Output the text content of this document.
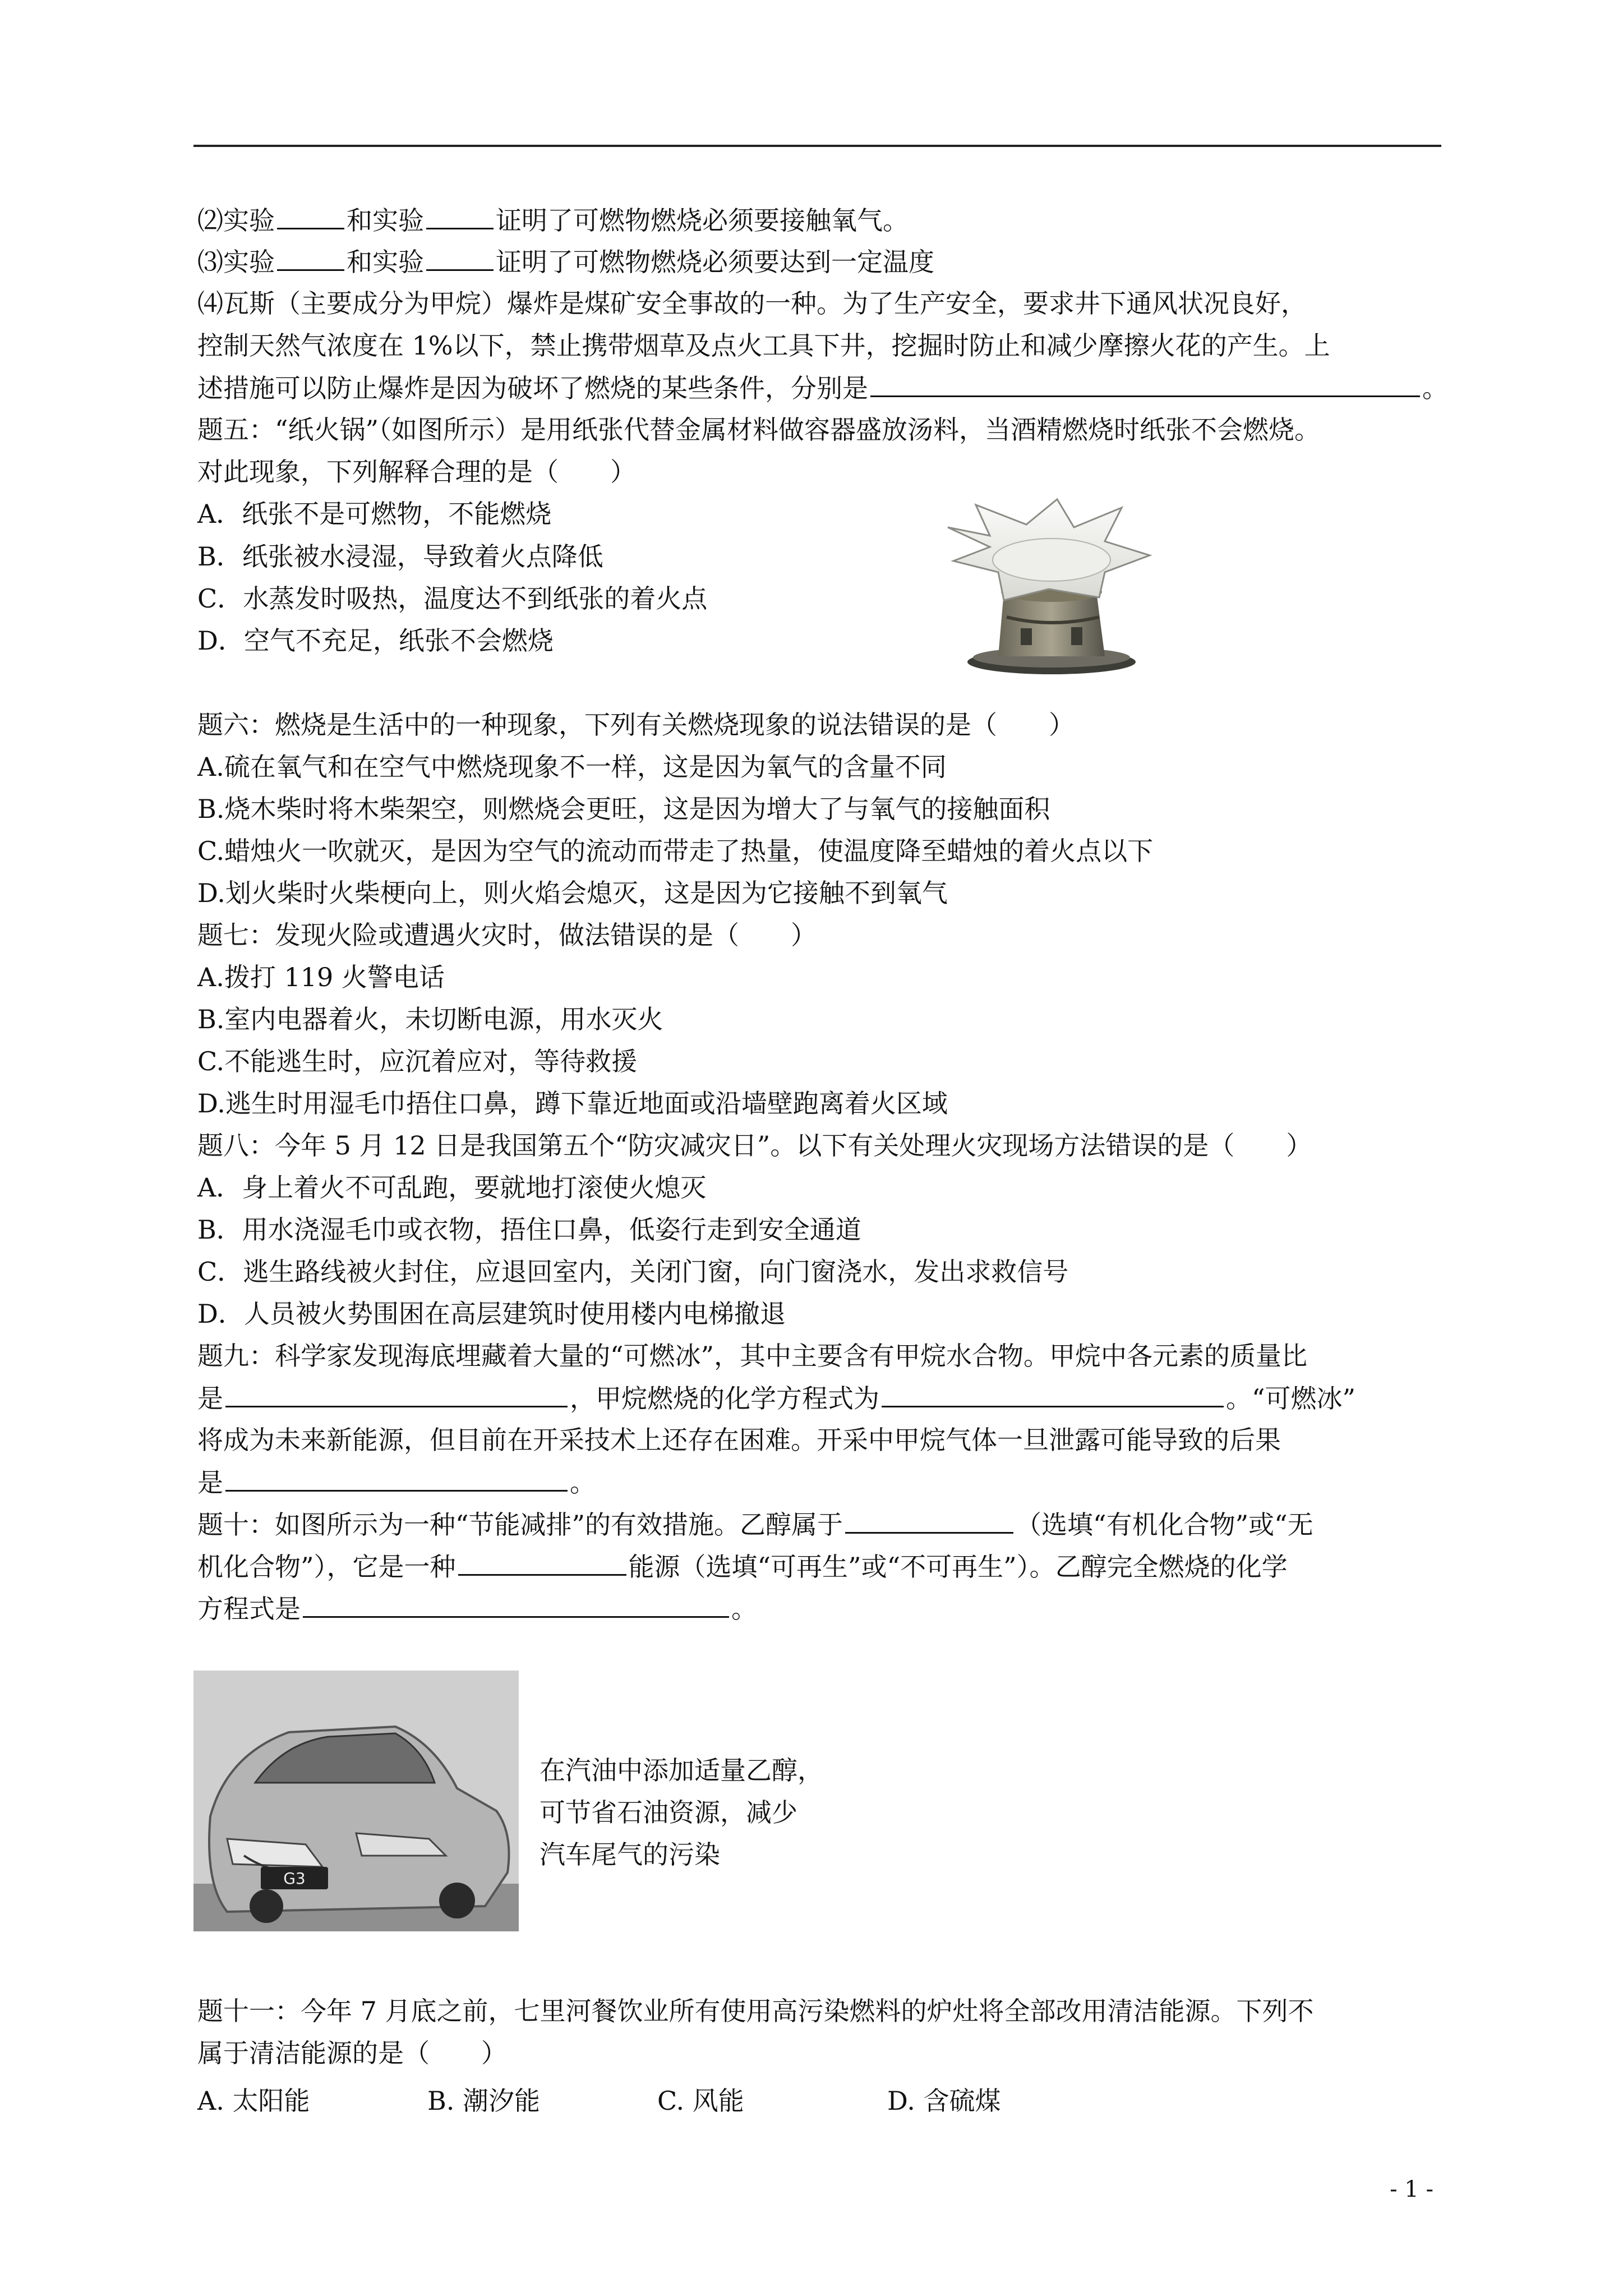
⑵实验	和实验	证明了可燃物燃烧必须要接触氧气。
⑶实验	和实验	证明了可燃物燃烧必须要达到一定温度
⑷瓦斯（主要成分为甲烷）爆炸是煤矿安全事故的一种。为了生产安全，要求井下通风状况良好，
控制天然气浓度在 1%以下，禁止携带烟草及点火工具下井，挖掘时防止和减少摩擦火花的产生。上
述措施可以防止爆炸是因为破坏了燃烧的某些条件，分别是	。
题五：“纸火锅”（如图所示）是用纸张代替金属材料做容器盛放汤料，当酒精燃烧时纸张不会燃烧。
对此现象，下列解释合理的是（　　）
A．纸张不是可燃物，不能燃烧
B．纸张被水浸湿，导致着火点降低
C．水蒸发时吸热，温度达不到纸张的着火点
D．空气不充足，纸张不会燃烧
题六：燃烧是生活中的一种现象，下列有关燃烧现象的说法错误的是（　　）
A.硫在氧气和在空气中燃烧现象不一样，这是因为氧气的含量不同
B.烧木柴时将木柴架空，则燃烧会更旺，这是因为增大了与氧气的接触面积
C.蜡烛火一吹就灭，是因为空气的流动而带走了热量，使温度降至蜡烛的着火点以下
D.划火柴时火柴梗向上，则火焰会熄灭，这是因为它接触不到氧气
题七：发现火险或遭遇火灾时，做法错误的是（　　）
A.拨打 119 火警电话
B.室内电器着火，未切断电源，用水灭火
C.不能逃生时，应沉着应对，等待救援
D.逃生时用湿毛巾捂住口鼻，蹲下靠近地面或沿墙壁跑离着火区域
题八：今年 5 月 12 日是我国第五个“防灾减灾日”。以下有关处理火灾现场方法错误的是（　　）
A．身上着火不可乱跑，要就地打滚使火熄灭
B．用水浇湿毛巾或衣物，捂住口鼻，低姿行走到安全通道
C．逃生路线被火封住，应退回室内，关闭门窗，向门窗浇水，发出求救信号
D．人员被火势围困在高层建筑时使用楼内电梯撤退
题九：科学家发现海底埋藏着大量的“可燃冰”，其中主要含有甲烷水合物。甲烷中各元素的质量比
是	，甲烷燃烧的化学方程式为	。“可燃冰”
将成为未来新能源，但目前在开采技术上还存在困难。开采中甲烷气体一旦泄露可能导致的后果
是	。
题十：如图所示为一种“节能减排”的有效措施。乙醇属于	（选填“有机化合物”或“无
机化合物”），它是一种	能源（选填“可再生”或“不可再生”）。乙醇完全燃烧的化学
方程式是	。
G3
在汽油中添加适量乙醇，
可节省石油资源，减少
汽车尾气的污染
题十一：今年 7 月底之前，七里河餐饮业所有使用高污染燃料的炉灶将全部改用清洁能源。下列不
属于清洁能源的是（　　）
A. 太阳能	B. 潮汐能	C. 风能	D. 含硫煤
- 1 -
